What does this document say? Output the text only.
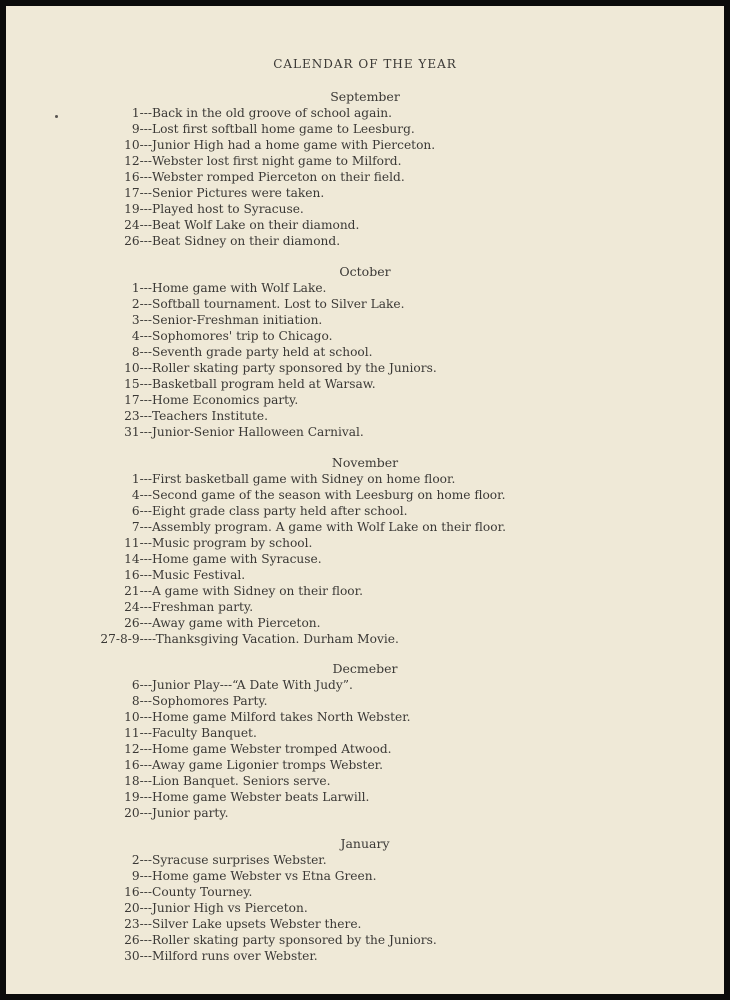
CALENDAR OF THE YEAR
September
1--- Back in the old groove of school again.
9--- Lost first softball home game to Leesburg.
10--- Junior High had a home game with Pierceton.
12--- Webster lost first night game to Milford.
16--- Webster romped Pierceton on their field.
17--- Senior Pictures were taken.
19--- Played host to Syracuse.
24--- Beat Wolf Lake on their diamond.
26--- Beat Sidney on their diamond.
October
1--- Home game with Wolf Lake.
2--- Softball tournament. Lost to Silver Lake.
3--- Senior-Freshman initiation.
4--- Sophomores' trip to Chicago.
8--- Seventh grade party held at school.
10--- Roller skating party sponsored by the Juniors.
15--- Basketball program held at Warsaw.
17--- Home Economics party.
23--- Teachers Institute.
31--- Junior-Senior Halloween Carnival.
November
1--- First basketball game with Sidney on home floor.
4--- Second game of the season with Leesburg on home floor.
6--- Eight grade class party held after school.
7--- Assembly program. A game with Wolf Lake on their floor.
11--- Music program by school.
14--- Home game with Syracuse.
16--- Music Festival.
21--- A game with Sidney on their floor.
24--- Freshman party.
26--- Away game with Pierceton.
27-8-9--- -Thanksgiving Vacation. Durham Movie.
Decmeber
6--- Junior Play---“A Date With Judy”.
8--- Sophomores Party.
10--- Home game Milford takes North Webster.
11--- Faculty Banquet.
12--- Home game Webster tromped Atwood.
16--- Away game Ligonier tromps Webster.
18--- Lion Banquet. Seniors serve.
19--- Home game Webster beats Larwill.
20--- Junior party.
January
2--- Syracuse surprises Webster.
9--- Home game Webster vs Etna Green.
16--- County Tourney.
20--- Junior High vs Pierceton.
23--- Silver Lake upsets Webster there.
26--- Roller skating party sponsored by the Juniors.
30--- Milford runs over Webster.
